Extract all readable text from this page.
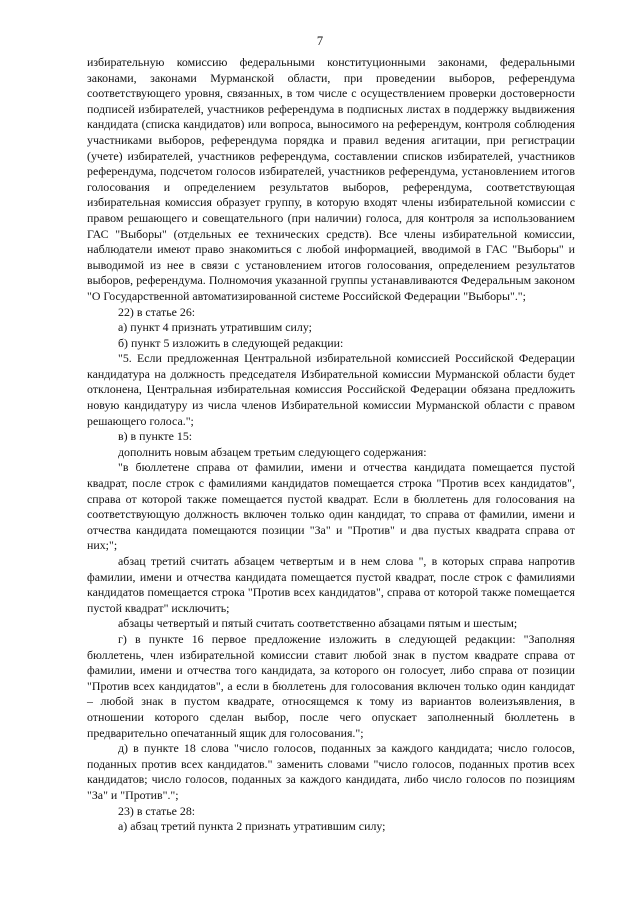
7

избирательную комиссию федеральными конституционными законами, федеральными законами, законами Мурманской области, при проведении выборов, референдума соответствующего уровня, связанных, в том числе с осуществлением проверки достоверности подписей избирателей, участников референдума в подписных листах в поддержку выдвижения кандидата (списка кандидатов) или вопроса, выносимого на референдум, контроля соблюдения участниками выборов, референдума порядка и правил ведения агитации, при регистрации (учете) избирателей, участников референдума, составлении списков избирателей, участников референдума, подсчетом голосов избирателей, участников референдума, установлением итогов голосования и определением результатов выборов, референдума, соответствующая избирательная комиссия образует группу, в которую входят члены избирательной комиссии с правом решающего и совещательного (при наличии) голоса, для контроля за использованием ГАС "Выборы" (отдельных ее технических средств). Все члены избирательной комиссии, наблюдатели имеют право знакомиться с любой информацией, вводимой в ГАС "Выборы" и выводимой из нее в связи с установлением итогов голосования, определением результатов выборов, референдума. Полномочия указанной группы устанавливаются Федеральным законом "О Государственной автоматизированной системе Российской Федерации "Выборы".";

22) в статье 26:

а) пункт 4 признать утратившим силу;

б) пункт 5 изложить в следующей редакции:

"5. Если предложенная Центральной избирательной комиссией Российской Федерации кандидатура на должность председателя Избирательной комиссии Мурманской области будет отклонена, Центральная избирательная комиссия Российской Федерации обязана предложить новую кандидатуру из числа членов Избирательной комиссии Мурманской области с правом решающего голоса.";

в) в пункте 15:

дополнить новым абзацем третьим следующего содержания:

"в бюллетене справа от фамилии, имени и отчества кандидата помещается пустой квадрат, после строк с фамилиями кандидатов помещается строка "Против всех кандидатов", справа от которой также помещается пустой квадрат. Если в бюллетень для голосования на соответствующую должность включен только один кандидат, то справа от фамилии, имени и отчества кандидата помещаются позиции "За" и "Против" и два пустых квадрата справа от них;";

абзац третий считать абзацем четвертым и в нем слова ", в которых справа напротив фамилии, имени и отчества кандидата помещается пустой квадрат, после строк с фамилиями кандидатов помещается строка "Против всех кандидатов", справа от которой также помещается пустой квадрат" исключить;

абзацы четвертый и пятый считать соответственно абзацами пятым и шестым;

г) в пункте 16 первое предложение изложить в следующей редакции: "Заполняя бюллетень, член избирательной комиссии ставит любой знак в пустом квадрате справа от фамилии, имени и отчества того кандидата, за которого он голосует, либо справа от позиции "Против всех кандидатов", а если в бюллетень для голосования включен только один кандидат – любой знак в пустом квадрате, относящемся к тому из вариантов волеизъявления, в отношении которого сделан выбор, после чего опускает заполненный бюллетень в предварительно опечатанный ящик для голосования.";

д) в пункте 18 слова "число голосов, поданных за каждого кандидата; число голосов, поданных против всех кандидатов." заменить словами "число голосов, поданных против всех кандидатов; число голосов, поданных за каждого кандидата, либо число голосов по позициям "За" и "Против".";

23) в статье 28:

а) абзац третий пункта 2 признать утратившим силу;
